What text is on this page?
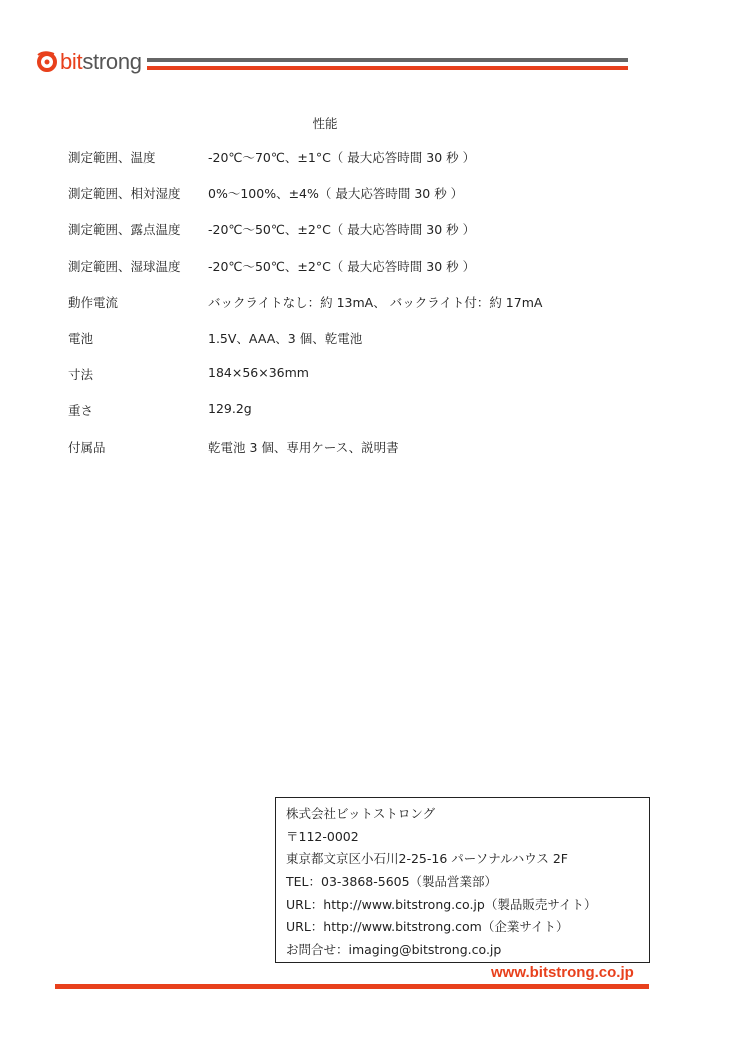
bitstrong
性能
測定範囲、温度	-20℃～70℃、±1°C（ 最大応答時間 30 秒 ）
測定範囲、相対湿度	0%～100%、±4%（ 最大応答時間 30 秒 ）
測定範囲、露点温度	-20℃～50℃、±2°C（ 最大応答時間 30 秒 ）
測定範囲、湿球温度	-20℃～50℃、±2°C（ 最大応答時間 30 秒 ）
動作電流	バックライトなし：約 13mA、 バックライト付：約 17mA
電池	1.5V、AAA、3 個、乾電池
寸法	184×56×36mm
重さ	129.2g
付属品	乾電池 3 個、専用ケース、説明書
株式会社ビットストロング
〒112-0002
東京都文京区小石川2-25-16 パーソナルハウス 2F
TEL：03-3868-5605（製品営業部）
URL：http://www.bitstrong.co.jp（製品販売サイト）
URL：http://www.bitstrong.com（企業サイト）
お問合せ：imaging@bitstrong.co.jp
www.bitstrong.co.jp
